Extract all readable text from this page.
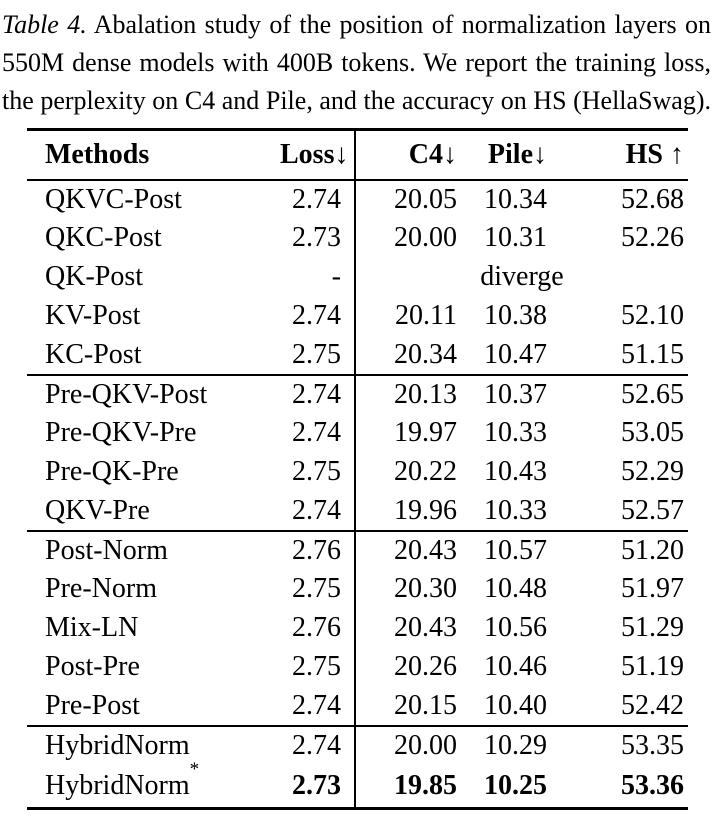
Table 4. Abalation study of the position of normalization layers on
550M dense models with 400B tokens. We report the training loss,
the perplexity on C4 and Pile, and the accuracy on HS (HellaSwag).
Methods	Loss↓	C4↓	Pile↓	HS ↑
QKVC-Post	2.74	20.05	10.34	52.68
QKC-Post	2.73	20.00	10.31	52.26
QK-Post	-	diverge		
KV-Post	2.74	20.11	10.38	52.10
KC-Post	2.75	20.34	10.47	51.15
Pre-QKV-Post	2.74	20.13	10.37	52.65
Pre-QKV-Pre	2.74	19.97	10.33	53.05
Pre-QK-Pre	2.75	20.22	10.43	52.29
QKV-Pre	2.74	19.96	10.33	52.57
Post-Norm	2.76	20.43	10.57	51.20
Pre-Norm	2.75	20.30	10.48	51.97
Mix-LN	2.76	20.43	10.56	51.29
Post-Pre	2.75	20.26	10.46	51.19
Pre-Post	2.74	20.15	10.40	52.42
HybridNorm	2.74	20.00	10.29	53.35
HybridNorm*	2.73	19.85	10.25	53.36
